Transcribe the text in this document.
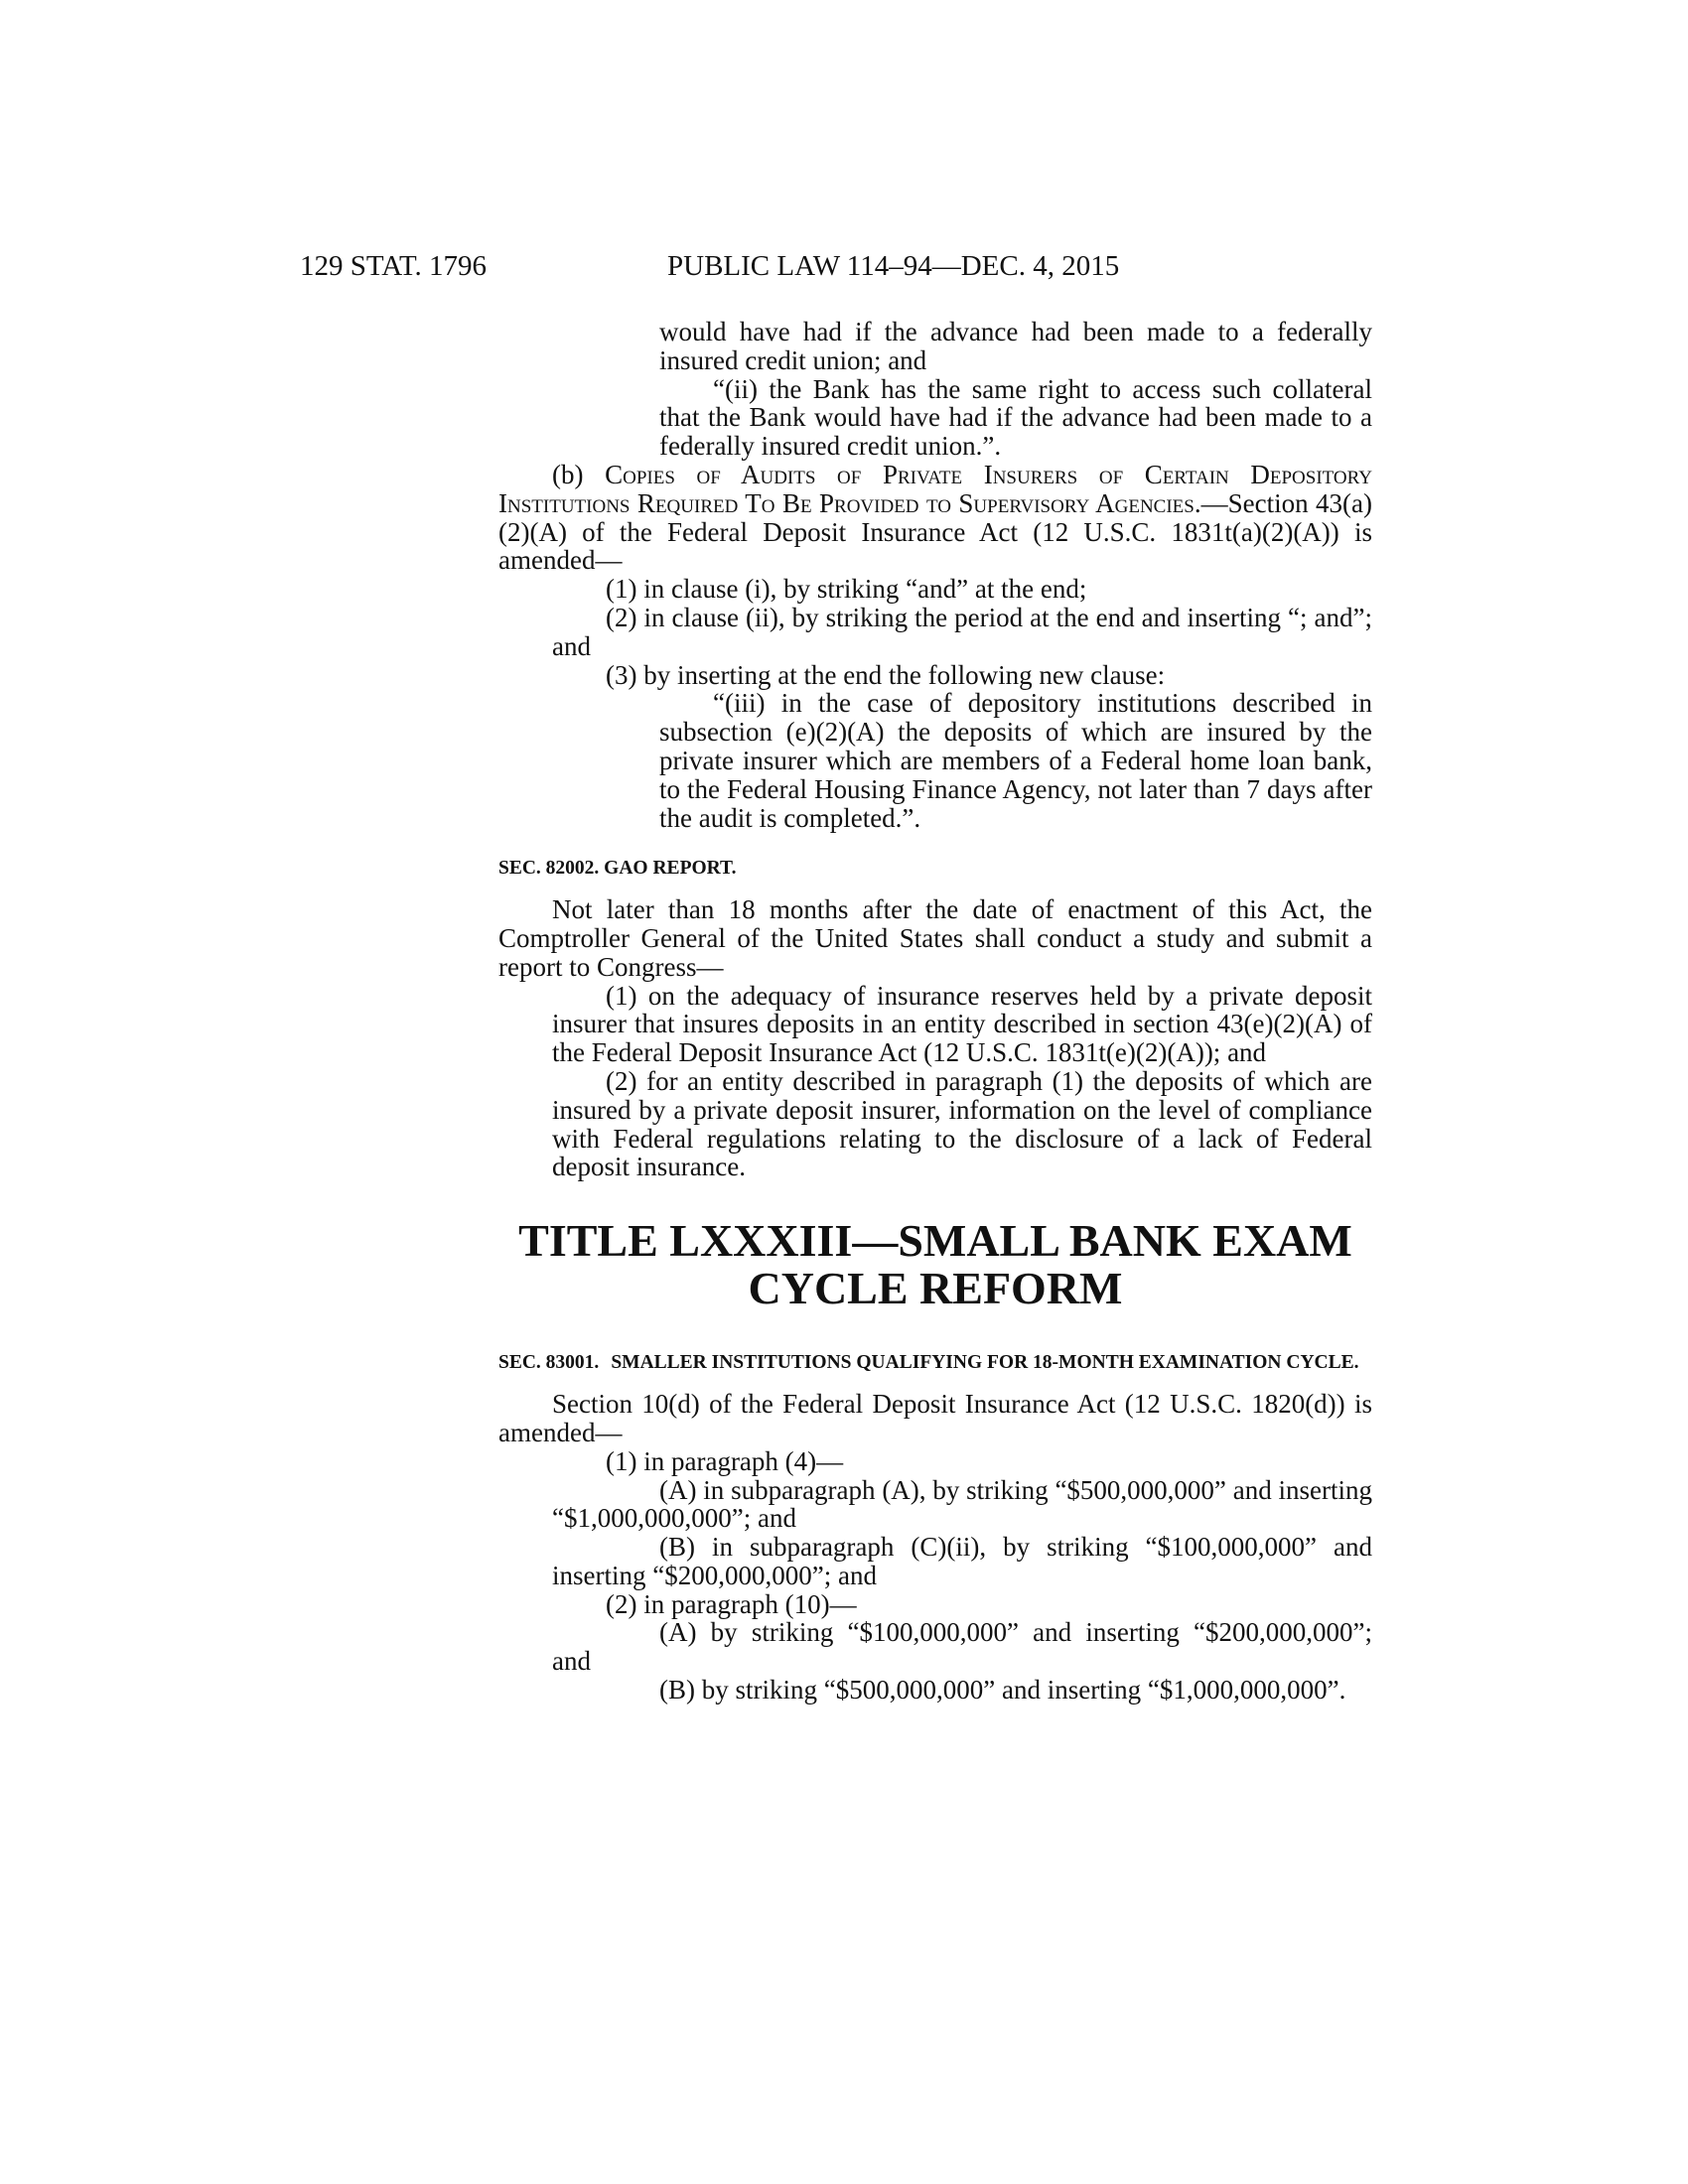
129 STAT. 1796	PUBLIC LAW 114–94—DEC. 4, 2015

would have had if the advance had been made to a federally insured credit union; and

“(ii) the Bank has the same right to access such collateral that the Bank would have had if the advance had been made to a federally insured credit union.”.

(b) Copies of Audits of Private Insurers of Certain Depository Institutions Required To Be Provided to Supervisory Agencies.—Section 43(a)(2)(A) of the Federal Deposit Insurance Act (12 U.S.C. 1831t(a)(2)(A)) is amended—

(1) in clause (i), by striking “and” at the end;

(2) in clause (ii), by striking the period at the end and inserting “; and”; and

(3) by inserting at the end the following new clause:

“(iii) in the case of depository institutions described in subsection (e)(2)(A) the deposits of which are insured by the private insurer which are members of a Federal home loan bank, to the Federal Housing Finance Agency, not later than 7 days after the audit is completed.”.

SEC. 82002. GAO REPORT.

Not later than 18 months after the date of enactment of this Act, the Comptroller General of the United States shall conduct a study and submit a report to Congress—

(1) on the adequacy of insurance reserves held by a private deposit insurer that insures deposits in an entity described in section 43(e)(2)(A) of the Federal Deposit Insurance Act (12 U.S.C. 1831t(e)(2)(A)); and

(2) for an entity described in paragraph (1) the deposits of which are insured by a private deposit insurer, information on the level of compliance with Federal regulations relating to the disclosure of a lack of Federal deposit insurance.

TITLE LXXXIII—SMALL BANK EXAM

CYCLE REFORM

SEC. 83001. SMALLER INSTITUTIONS QUALIFYING FOR 18-MONTH EXAMINATION CYCLE.

Section 10(d) of the Federal Deposit Insurance Act (12 U.S.C. 1820(d)) is amended—

(1) in paragraph (4)—

(A) in subparagraph (A), by striking “$500,000,000” and inserting “$1,000,000,000”; and

(B) in subparagraph (C)(ii), by striking “$100,000,000” and inserting “$200,000,000”; and

(2) in paragraph (10)—

(A) by striking “$100,000,000” and inserting “$200,000,000”; and

(B) by striking “$500,000,000” and inserting “$1,000,000,000”.
